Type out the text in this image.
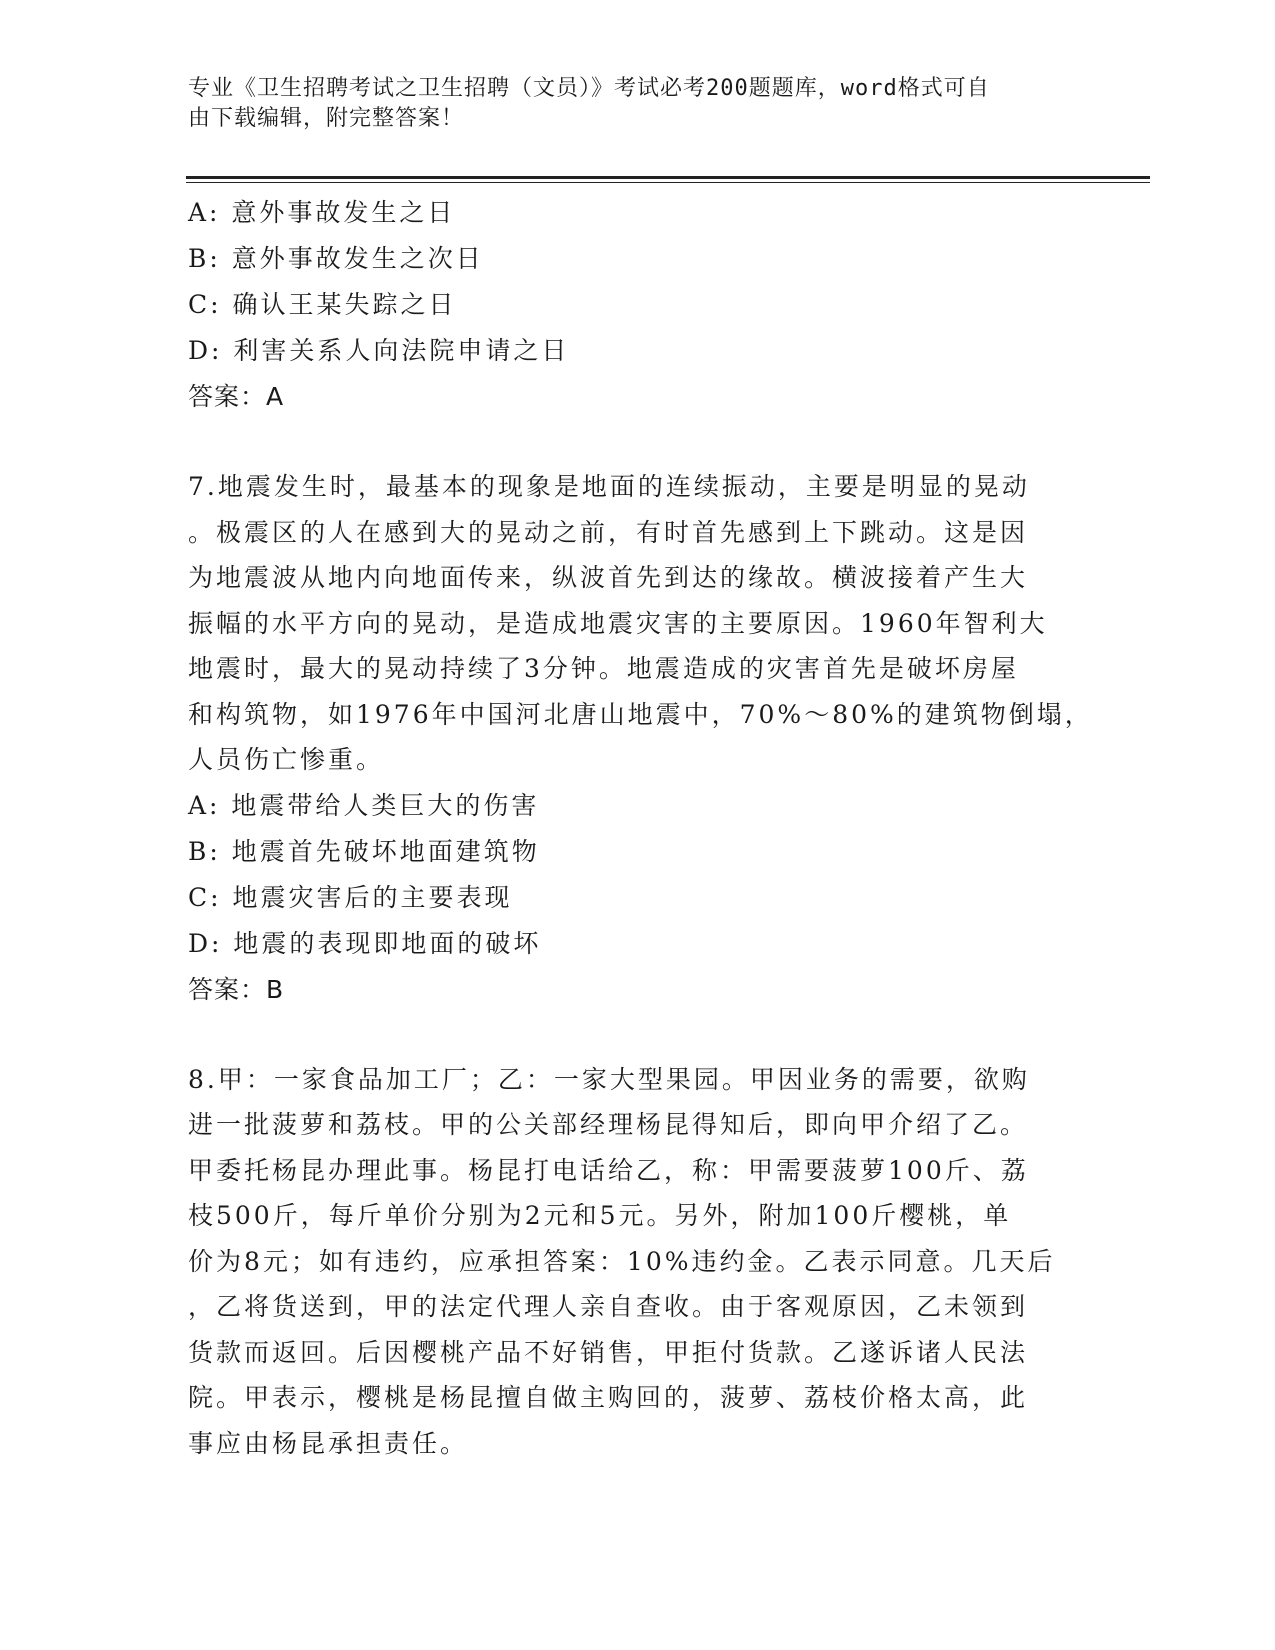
专业《卫生招聘考试之卫生招聘（文员）》考试必考200题题库，word格式可自
由下载编辑，附完整答案！
A: 意外事故发生之日
B: 意外事故发生之次日
C: 确认王某失踪之日
D: 利害关系人向法院申请之日
答案：A
7.地震发生时，最基本的现象是地面的连续振动，主要是明显的晃动
。极震区的人在感到大的晃动之前，有时首先感到上下跳动。这是因
为地震波从地内向地面传来，纵波首先到达的缘故。横波接着产生大
振幅的水平方向的晃动，是造成地震灾害的主要原因。1960年智利大
地震时，最大的晃动持续了3分钟。地震造成的灾害首先是破坏房屋
和构筑物，如1976年中国河北唐山地震中，70%～80%的建筑物倒塌，
人员伤亡惨重。
A: 地震带给人类巨大的伤害
B: 地震首先破坏地面建筑物
C: 地震灾害后的主要表现
D: 地震的表现即地面的破坏
答案：B
8.甲：一家食品加工厂；乙：一家大型果园。甲因业务的需要，欲购
进一批菠萝和荔枝。甲的公关部经理杨昆得知后，即向甲介绍了乙。
甲委托杨昆办理此事。杨昆打电话给乙，称：甲需要菠萝100斤、荔
枝500斤，每斤单价分别为2元和5元。另外，附加100斤樱桃，单
价为8元；如有违约，应承担答案：10%违约金。乙表示同意。几天后
，乙将货送到，甲的法定代理人亲自查收。由于客观原因，乙未领到
货款而返回。后因樱桃产品不好销售，甲拒付货款。乙遂诉诸人民法
院。甲表示，樱桃是杨昆擅自做主购回的，菠萝、荔枝价格太高，此
事应由杨昆承担责任。
